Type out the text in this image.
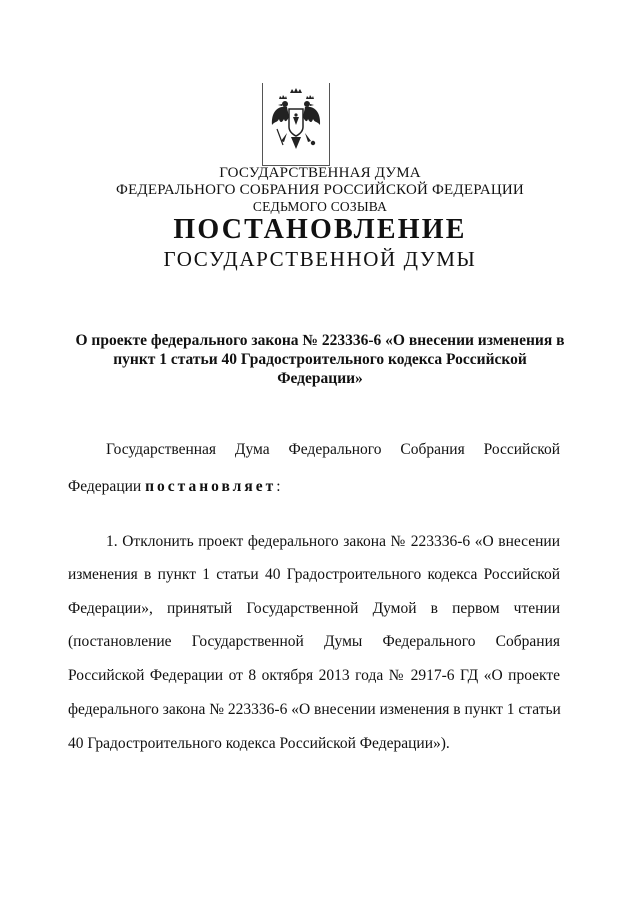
ГОСУДАРСТВЕННАЯ ДУМА
ФЕДЕРАЛЬНОГО СОБРАНИЯ РОССИЙСКОЙ ФЕДЕРАЦИИ
СЕДЬМОГО СОЗЫВА
ПОСТАНОВЛЕНИЕ
ГОСУДАРСТВЕННОЙ ДУМЫ
О проекте федерального закона № 223336-6 «О внесении изменения в
пункт 1 статьи 40 Градостроительного кодекса Российской
Федерации»
Государственная Дума Федерального Собрания Российской
Федерации постановляет:
1. Отклонить проект федерального закона № 223336-6 «О внесении
изменения в пункт 1 статьи 40 Градостроительного кодекса Российской
Федерации», принятый Государственной Думой в первом чтении
(постановление Государственной Думы Федерального Собрания
Российской Федерации от 8 октября 2013 года № 2917-6 ГД «О проекте
федерального закона № 223336-6 «О внесении изменения в пункт 1 статьи
40 Градостроительного кодекса Российской Федерации»).
